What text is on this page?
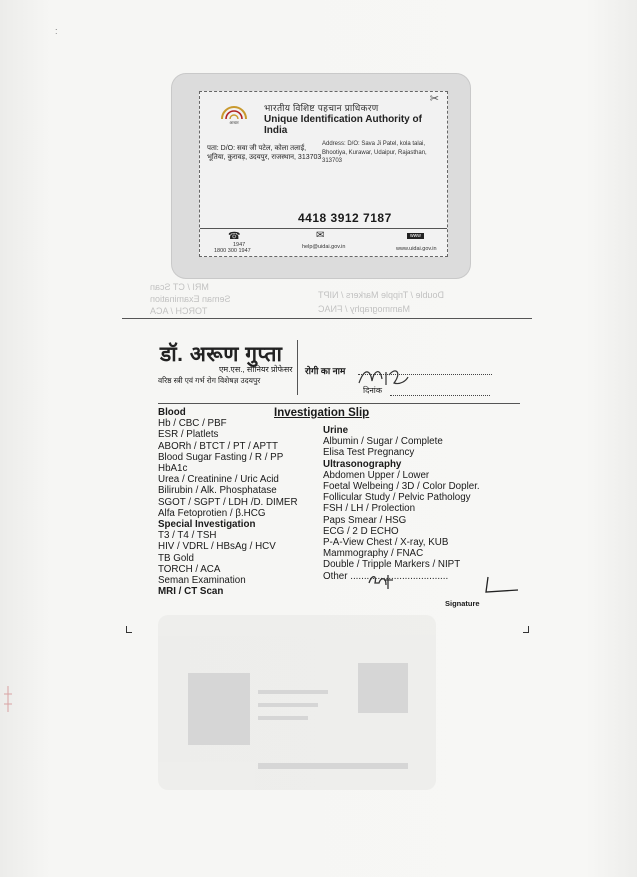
:
आधार
भारतीय विशिष्ट पहचान प्राधिकरण
Unique Identification Authority of India
✂
पता: D/O: सवा जी पटेल, कोला तलाई, भूतिया, कुरावड़, उदयपुर, राजस्थान, 313703
Address: D/O: Sava Ji Patel, kola talai, Bhootiya, Kurawar, Udaipur, Rajasthan, 313703
4418 3912 7187
☎
1947
1800 300 1947
✉
help@uidai.gov.in
www
www.uidai.gov.in
MRI / CT Scan
Seman Examination
TORCH / ACA
Double / Tripple Markers / NIPT
Mammography / FNAC
डॉ. अरूण गुप्ता
एम.एस., सीनियर प्रोफेसर
वरिष्ठ स्त्री एवं गर्भ रोग विशेषज्ञ उदयपुर
रोगी का नाम
दिनांक
Investigation Slip
Blood
Hb / CBC / PBF
ESR / Platlets
ABORh / BTCT / PT / APTT
Blood Sugar Fasting / R / PP
HbA1c
Urea / Creatinine / Uric Acid
Bilirubin / Alk. Phosphatase
SGOT / SGPT / LDH /D. DIMER
Alfa Fetoprotien / β.HCG
Special Investigation
T3 / T4 / TSH
HIV / VDRL / HBsAg / HCV
TB Gold
TORCH / ACA
Seman Examination
MRI / CT Scan
Urine
Albumin / Sugar / Complete
Elisa Test Pregnancy
Ultrasonography
Abdomen Upper / Lower
Foetal Welbeing / 3D / Color Dopler.
Follicular Study / Pelvic Pathology
FSH / LH / Prolection
Paps Smear / HSG
ECG / 2 D ECHO
P-A-View Chest / X-ray, KUB
Mammography / FNAC
Double / Tripple Markers / NIPT
Other ....................................
Signature
